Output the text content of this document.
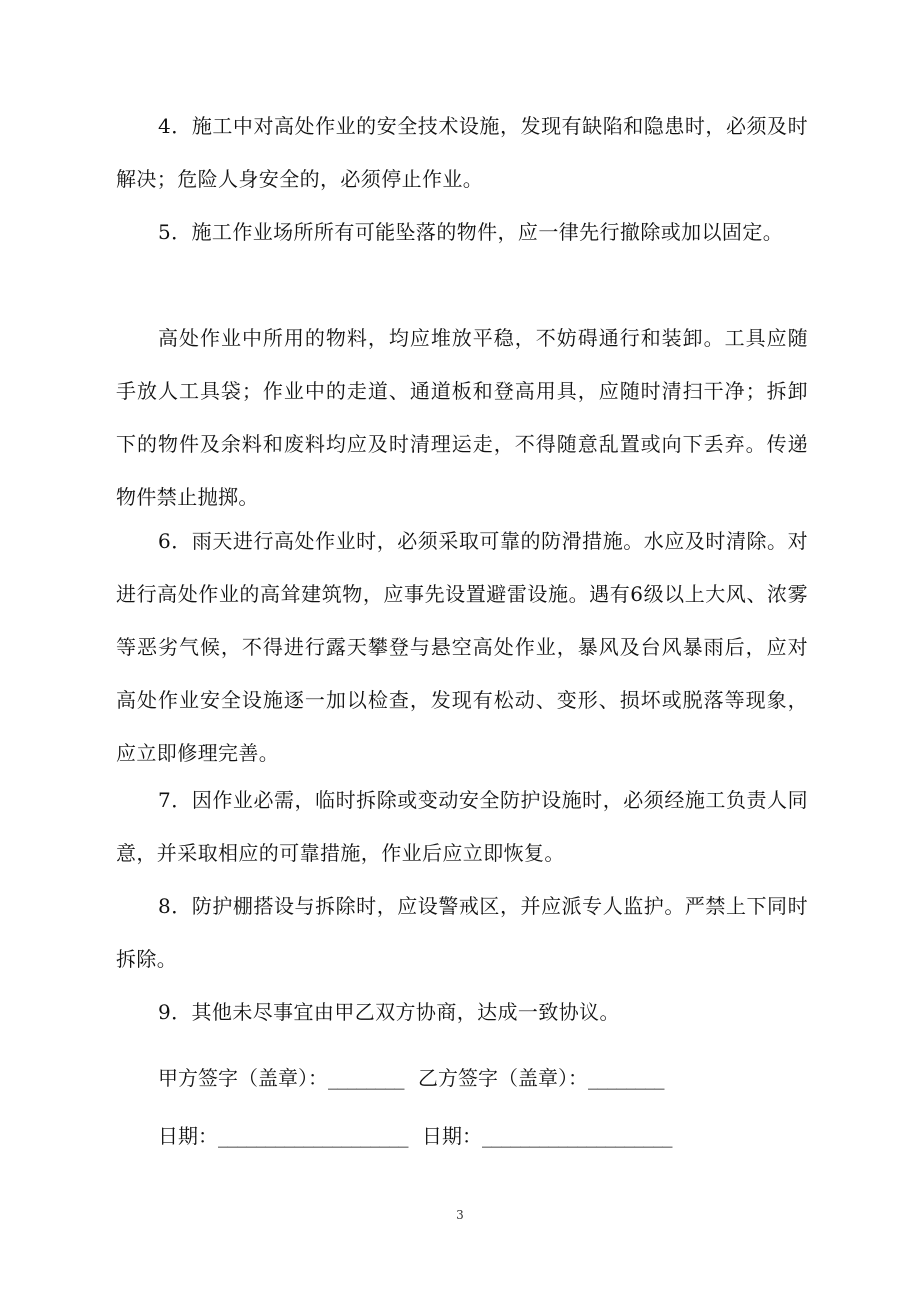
4．施工中对高处作业的安全技术设施，发现有缺陷和隐患时，必须及时解决；危险人身安全的，必须停止作业。

5．施工作业场所所有可能坠落的物件，应一律先行撤除或加以固定。

高处作业中所用的物料，均应堆放平稳，不妨碍通行和装卸。工具应随手放人工具袋；作业中的走道、通道板和登高用具，应随时清扫干净；拆卸下的物件及余料和废料均应及时清理运走，不得随意乱置或向下丢弃。传递物件禁止抛掷。

6．雨天进行高处作业时，必须采取可靠的防滑措施。水应及时清除。对进行高处作业的高耸建筑物，应事先设置避雷设施。遇有6级以上大风、浓雾等恶劣气候，不得进行露天攀登与悬空高处作业，暴风及台风暴雨后，应对高处作业安全设施逐一加以检查，发现有松动、变形、损坏或脱落等现象，应立即修理完善。

7．因作业必需，临时拆除或变动安全防护设施时，必须经施工负责人同意，并采取相应的可靠措施，作业后应立即恢复。

8．防护棚搭设与拆除时，应设警戒区，并应派专人监护。严禁上下同时拆除。

9．其他未尽事宜由甲乙双方协商，达成一致协议。

甲方签字（盖章）：________ 乙方签字（盖章）：________
日期：____________________ 日期：____________________
3
